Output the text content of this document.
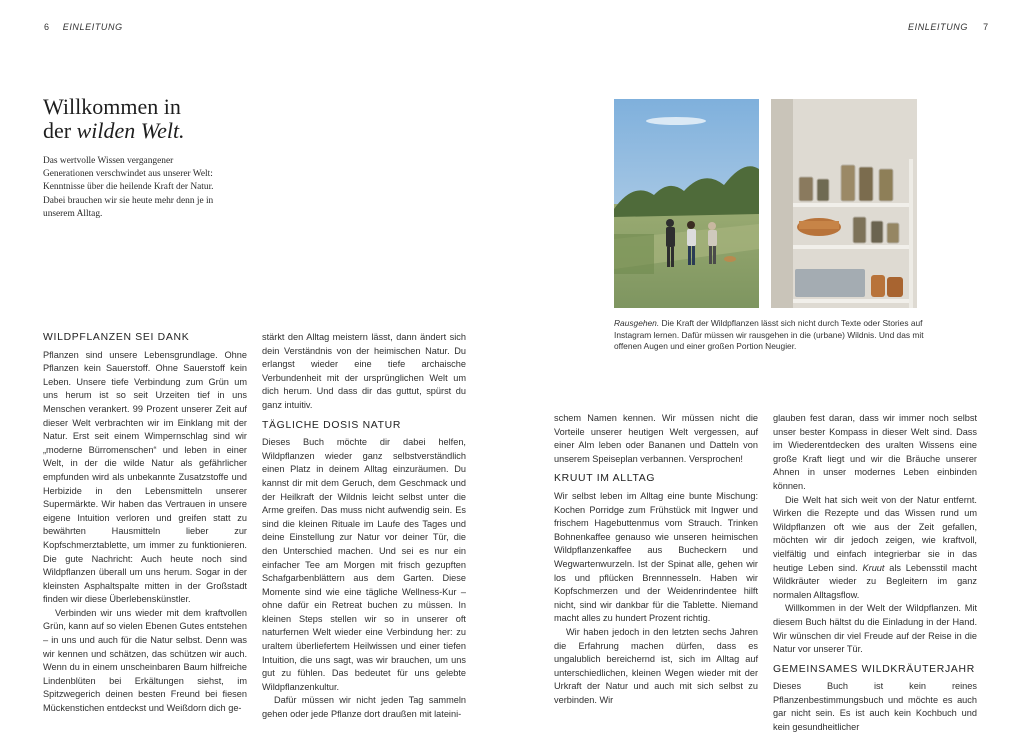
6 EINLEITUNG	EINLEITUNG 7
Willkommen in
der wilden Welt.

Das wertvolle Wissen vergangener Generationen verschwindet aus unserer Welt: Kenntnisse über die heilende Kraft der Natur. Dabei brauchen wir sie heute mehr denn je in unserem Alltag.

WILDPFLANZEN SEI DANK

Pflanzen sind unsere Lebensgrundlage. Ohne Pflanzen kein Sauerstoff. Ohne Sauerstoff kein Leben. Unsere tiefe Verbindung zum Grün um uns herum ist so seit Urzeiten tief in uns Menschen verankert. 99 Prozent unserer Zeit auf dieser Welt verbrachten wir im Einklang mit der Natur. Erst seit einem Wimpernschlag sind wir „moderne Bürromenschen“ und leben in einer Welt, in der die wilde Natur als gefährlicher empfunden wird als unbekannte Zusatzstoffe und Herbizide in den Lebensmitteln unserer Supermärkte. Wir haben das Vertrauen in unsere eigene Intuition verloren und greifen statt zu bewährten Hausmitteln lieber zur Kopfschmerztablette, um immer zu funktionieren. Die gute Nachricht: Auch heute noch sind Wildpflanzen überall um uns herum. Sogar in der kleinsten Asphaltspalte mitten in der Großstadt finden wir diese Überlebenskünstler.

Verbinden wir uns wieder mit dem kraftvollen Grün, kann auf so vielen Ebenen Gutes entstehen – in uns und auch für die Natur selbst. Denn was wir kennen und schätzen, das schützen wir auch. Wenn du in einem unscheinbaren Baum hilfreiche Lindenblüten bei Erkältungen siehst, im Spitzwegerich deinen besten Freund bei fiesen Mückenstichen entdeckst und Weißdorn dich ge-

stärkt den Alltag meistern lässt, dann ändert sich dein Verständnis von der heimischen Natur. Du erlangst wieder eine tiefe archaische Verbundenheit mit der ursprünglichen Welt um dich herum. Und dass dir das guttut, spürst du ganz intuitiv.

TÄGLICHE DOSIS NATUR

Dieses Buch möchte dir dabei helfen, Wildpflanzen wieder ganz selbstverständlich einen Platz in deinem Alltag einzuräumen. Du kannst dir mit dem Geruch, dem Geschmack und der Heilkraft der Wildnis leicht selbst unter die Arme greifen. Das muss nicht aufwendig sein. Es sind die kleinen Rituale im Laufe des Tages und deine Einstellung zur Natur vor deiner Tür, die den Unterschied machen. Und sei es nur ein einfacher Tee am Morgen mit frisch gezupften Schafgarbenblättern aus dem Garten. Diese Momente sind wie eine tägliche Wellness-Kur – ohne dafür ein Retreat buchen zu müssen. In kleinen Steps stellen wir so in unserer oft naturfernen Welt wieder eine Verbindung her: zu uraltem überliefertem Heilwissen und einer tiefen Intuition, die uns sagt, was wir brauchen, um uns gut zu fühlen. Das bedeutet für uns gelebte Wildpflanzenkultur.

Dafür müssen wir nicht jeden Tag sammeln gehen oder jede Pflanze dort draußen mit lateini-

Rausgehen. Die Kraft der Wildpflanzen lässt sich nicht durch Texte oder Stories auf Instagram lernen. Dafür müssen wir rausgehen in die (urbane) Wildnis. Und das mit offenen Augen und einer großen Portion Neugier.

schem Namen kennen. Wir müssen nicht die Vorteile unserer heutigen Welt vergessen, auf einer Alm leben oder Bananen und Datteln von unserem Speiseplan verbannen. Versprochen!

KRUUT IM ALLTAG

Wir selbst leben im Alltag eine bunte Mischung: Kochen Porridge zum Frühstück mit Ingwer und frischem Hagebuttenmus vom Strauch. Trinken Bohnenkaffee genauso wie unseren heimischen Wildpflanzenkaffee aus Bucheckern und Wegwartenwurzeln. Ist der Spinat alle, gehen wir los und pflücken Brennnesseln. Haben wir Kopfschmerzen und der Weidenrindentee hilft nicht, sind wir dankbar für die Tablette. Niemand macht alles zu hundert Prozent richtig.

Wir haben jedoch in den letzten sechs Jahren die Erfahrung machen dürfen, dass es ungalublich bereichernd ist, sich im Alltag auf unterschiedlichen, kleinen Wegen wieder mit der Urkraft der Natur und auch mit sich selbst zu verbinden. Wir

glauben fest daran, dass wir immer noch selbst unser bester Kompass in dieser Welt sind. Dass im Wiederentdecken des uralten Wissens eine große Kraft liegt und wir die Bräuche unserer Ahnen in unser modernes Leben einbinden können.

Die Welt hat sich weit von der Natur entfernt. Wirken die Rezepte und das Wissen rund um Wildpflanzen oft wie aus der Zeit gefallen, möchten wir dir jedoch zeigen, wie kraftvoll, vielfältig und einfach integrierbar sie in das heutige Leben sind. Kruut als Lebensstil macht Wildkräuter wieder zu Begleitern im ganz normalen Alltagsflow.

Willkommen in der Welt der Wildpflanzen. Mit diesem Buch hältst du die Einladung in der Hand. Wir wünschen dir viel Freude auf der Reise in die Natur vor unserer Tür.

GEMEINSAMES WILDKRÄUTERJAHR

Dieses Buch ist kein reines Pflanzenbestimmungsbuch und möchte es auch gar nicht sein. Es ist auch kein Kochbuch und kein gesundheitlicher
